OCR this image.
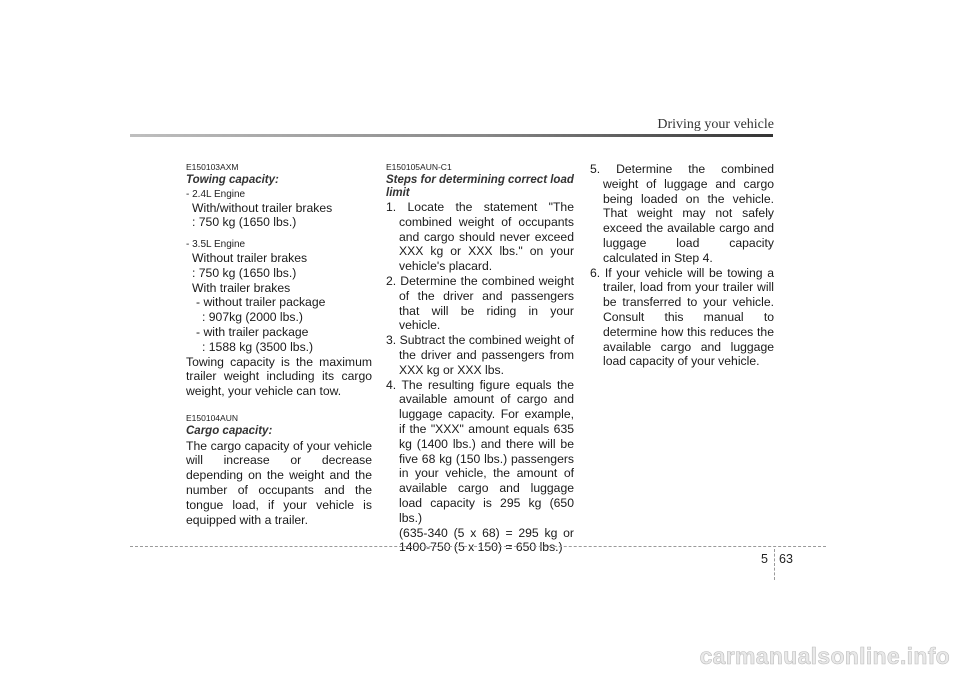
Driving your vehicle
E150103AXM
Towing capacity:
- 2.4L Engine
With/without trailer brakes
: 750 kg (1650 lbs.)
- 3.5L Engine
Without trailer brakes
: 750 kg (1650 lbs.)
With trailer brakes
- without trailer package
: 907kg (2000 lbs.)
- with trailer package
: 1588 kg (3500 lbs.)
Towing capacity is the maximum trailer weight including its cargo weight, your vehicle can tow.
E150104AUN
Cargo capacity:
The cargo capacity of your vehicle will increase or decrease depending on the weight and the number of occupants and the tongue load, if your vehicle is equipped with a trailer.
E150105AUN-C1
Steps for determining correct load limit
1. Locate the statement "The combined weight of occupants and cargo should never exceed XXX kg or XXX lbs." on your vehicle's placard.
2. Determine the combined weight of the driver and passengers that will be riding in your vehicle.
3. Subtract the combined weight of the driver and passengers from XXX kg or XXX lbs.
4. The resulting figure equals the available amount of cargo and luggage capacity. For example, if the "XXX" amount equals 635 kg (1400 lbs.) and there will be five 68 kg (150 lbs.) passengers in your vehicle, the amount of available cargo and luggage load capacity is 295 kg (650 lbs.)
(635-340 (5 x 68) = 295 kg or 1400-750 (5 x 150) = 650 lbs.)
5. Determine the combined weight of luggage and cargo being loaded on the vehicle. That weight may not safely exceed the available cargo and luggage load capacity calculated in Step 4.
6. If your vehicle will be towing a trailer, load from your trailer will be transferred to your vehicle. Consult this manual to determine how this reduces the available cargo and luggage load capacity of your vehicle.
5 63
carmanualsonline.info
